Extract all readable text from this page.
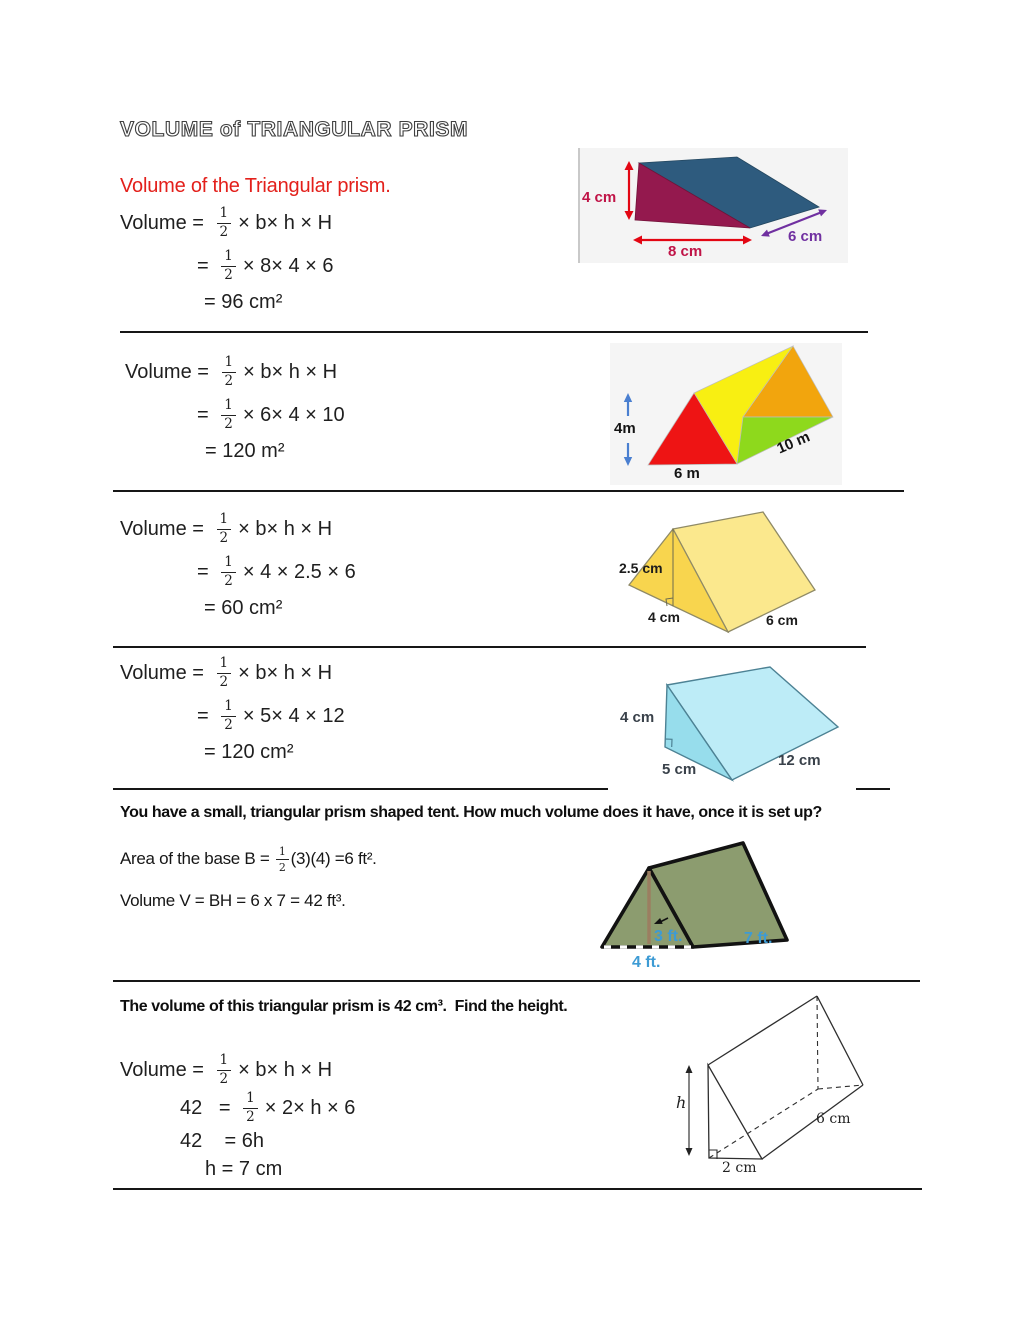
VOLUME of TRIANGULAR PRISM
Volume of the Triangular prism.
Volume = $\frac{1}{2} \times b\times h \times H$
= $\frac{1}{2} \times 8\times 4 \times 6$
= 96 cm²
4 cm
8 cm
6 cm
Volume = $\frac{1}{2} \times b\times h \times H$
= $\frac{1}{2} \times 6\times 4 \times 10$
= 120 m²
4m
6 m
10 m
Volume = $\frac{1}{2} \times b\times h \times H$
= $\frac{1}{2} \times 4 \times 2.5 \times 6$
= 60 cm²
2.5 cm
4 cm	6 cm
Volume = $\frac{1}{2} \times b\times h \times H$
= $\frac{1}{2} \times 5\times 4 \times 12$
= 120 cm²
4 cm
5 cm
12 cm
You have a small, triangular prism shaped tent. How much volume does it have, once it is set up?
Area of the base $B = \frac{1}{2} (3)(4) =6$ ft².
Volume V = BH = 6 x 7 = 42 ft³.
3 ft.
4 ft.
7 ft.
The volume of this triangular prism is 42 cm³.  Find the height.
Volume = $\frac{1}{2} \times b\times h \times H$
$42 = \frac{1}{2} \times 2\times h \times 6$
42 = 6h
h = 7 cm
h
6 cm
2 cm
